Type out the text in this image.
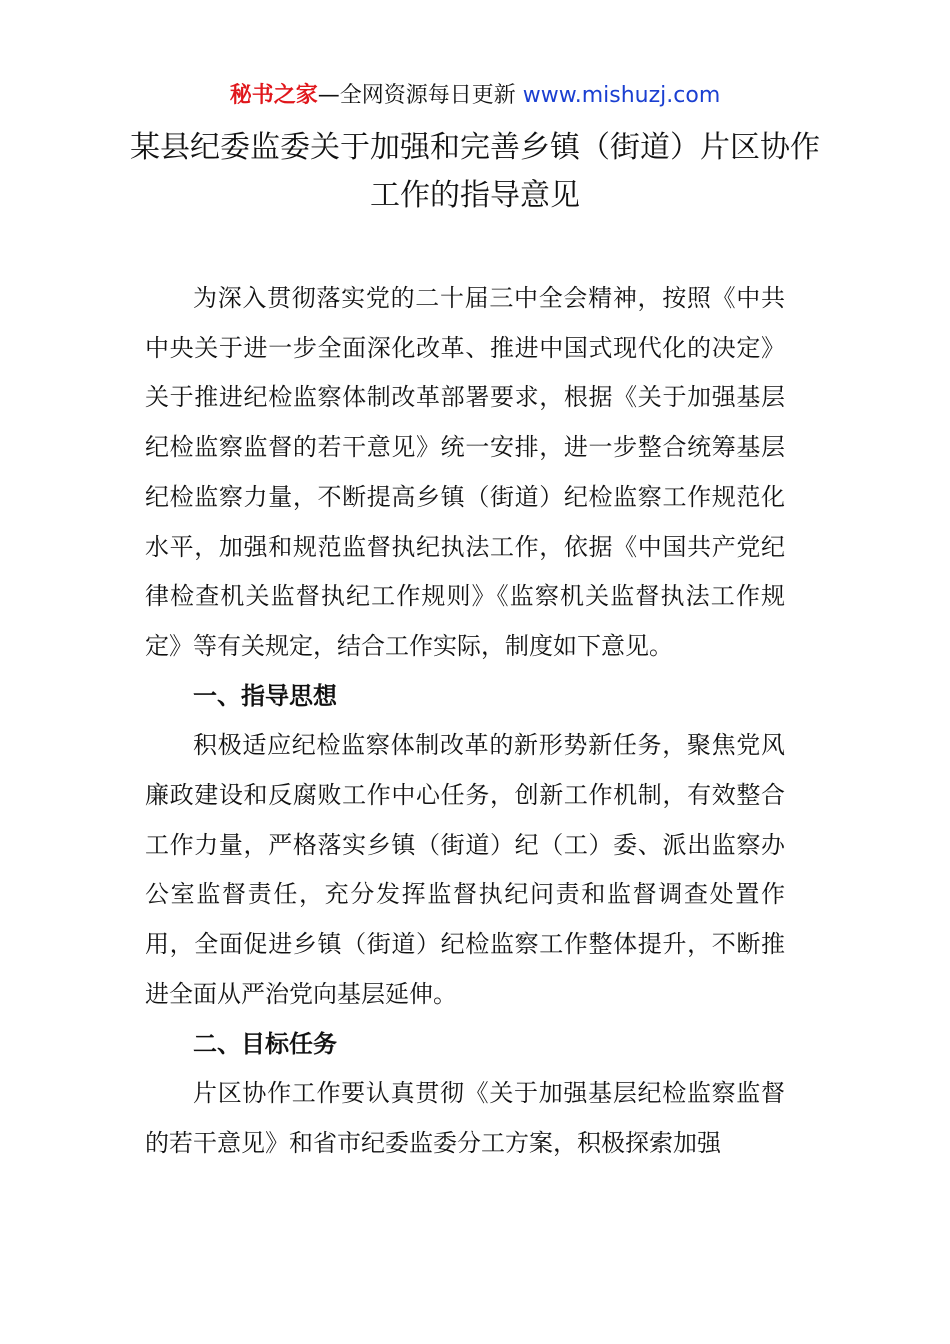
秘书之家—全网资源每日更新 www.mishuzj.com
某县纪委监委关于加强和完善乡镇（街道）片区协作工作的指导意见

为深入贯彻落实党的二十届三中全会精神，按照《中共中央关于进一步全面深化改革、推进中国式现代化的决定》关于推进纪检监察体制改革部署要求，根据《关于加强基层纪检监察监督的若干意见》统一安排，进一步整合统筹基层纪检监察力量，不断提高乡镇（街道）纪检监察工作规范化水平，加强和规范监督执纪执法工作，依据《中国共产党纪律检查机关监督执纪工作规则》《监察机关监督执法工作规定》等有关规定，结合工作实际，制度如下意见。

一、指导思想

积极适应纪检监察体制改革的新形势新任务，聚焦党风廉政建设和反腐败工作中心任务，创新工作机制，有效整合工作力量，严格落实乡镇（街道）纪（工）委、派出监察办公室监督责任，充分发挥监督执纪问责和监督调查处置作用，全面促进乡镇（街道）纪检监察工作整体提升，不断推进全面从严治党向基层延伸。

二、目标任务

片区协作工作要认真贯彻《关于加强基层纪检监察监督的若干意见》和省市纪委监委分工方案，积极探索加强
